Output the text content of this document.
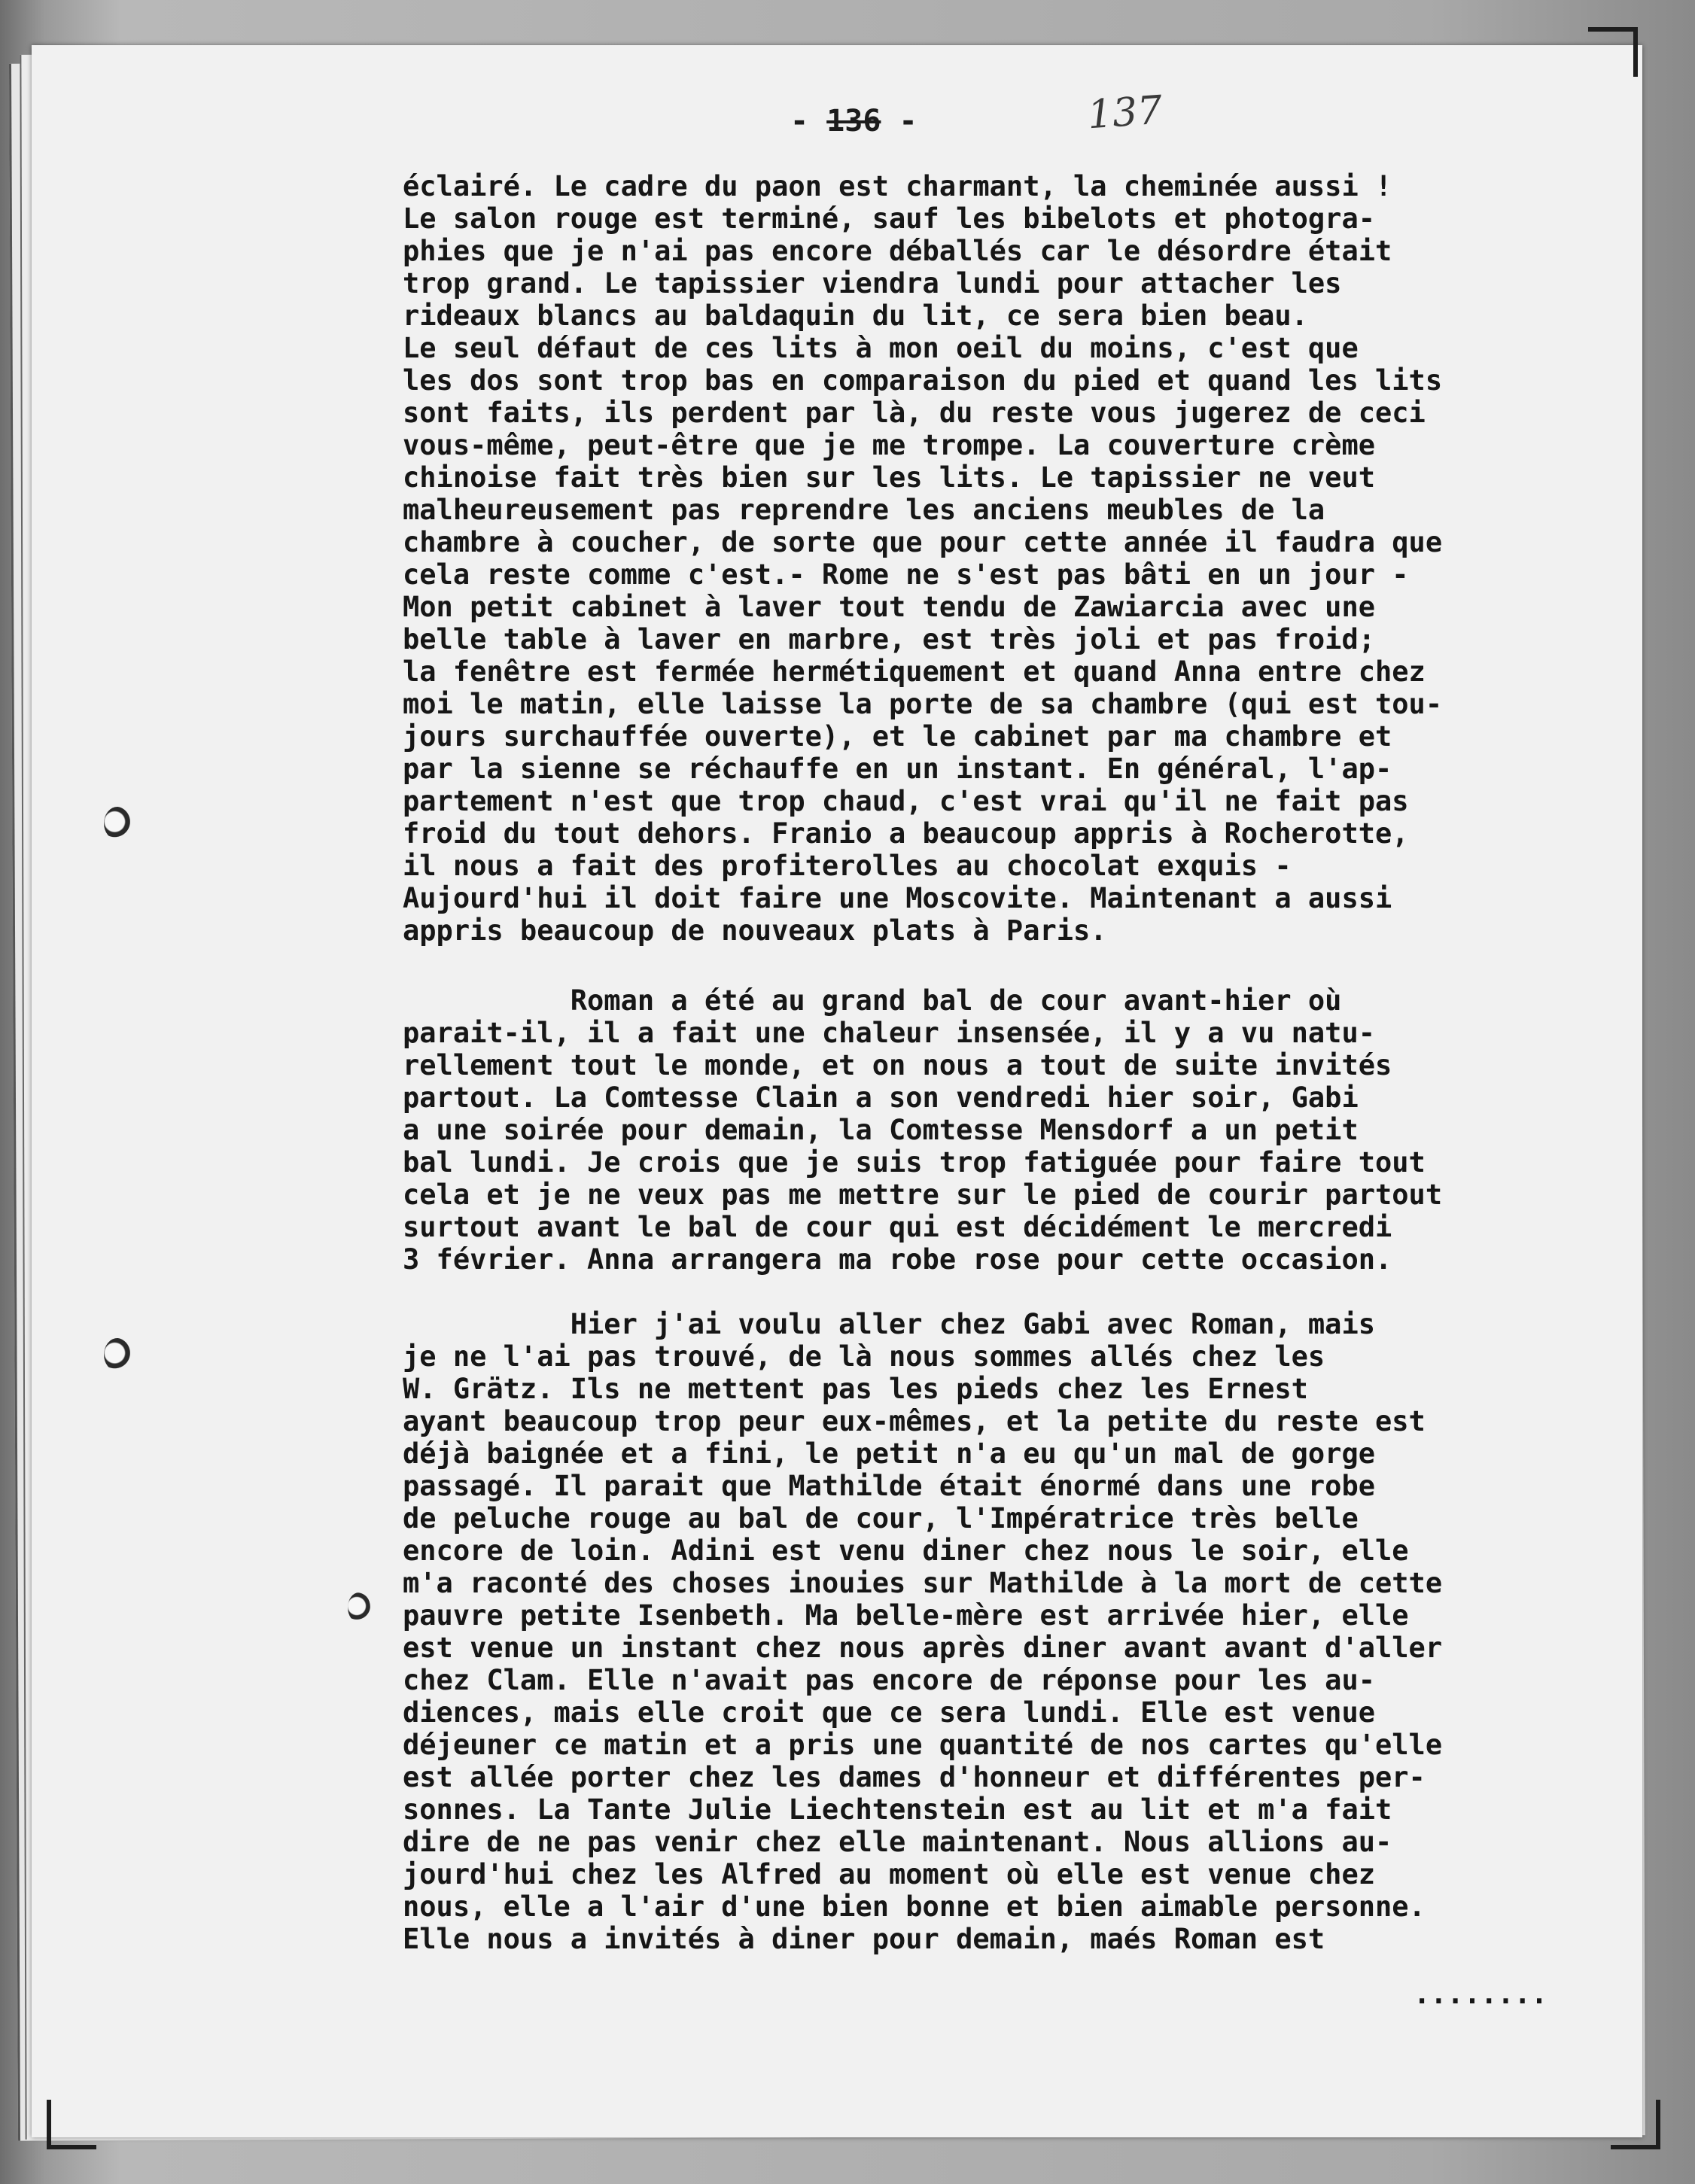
- 136 -	137
éclairé. Le cadre du paon est charmant, la cheminée aussi !
Le salon rouge est terminé, sauf les bibelots et photogra-
phies que je n'ai pas encore déballés car le désordre était
trop grand. Le tapissier viendra lundi pour attacher les
rideaux blancs au baldaquin du lit, ce sera bien beau.
Le seul défaut de ces lits à mon oeil du moins, c'est que
les dos sont trop bas en comparaison du pied et quand les lits
sont faits, ils perdent par là, du reste vous jugerez de ceci
vous-même, peut-être que je me trompe. La couverture crème
chinoise fait très bien sur les lits. Le tapissier ne veut
malheureusement pas reprendre les anciens meubles de la
chambre à coucher, de sorte que pour cette année il faudra que
cela reste comme c'est.- Rome ne s'est pas bâti en un jour -
Mon petit cabinet à laver tout tendu de Zawiarcia avec une
belle table à laver en marbre, est très joli et pas froid;
la fenêtre est fermée hermétiquement et quand Anna entre chez
moi le matin, elle laisse la porte de sa chambre (qui est tou-
jours surchauffée ouverte), et le cabinet par ma chambre et
par la sienne se réchauffe en un instant. En général, l'ap-
partement n'est que trop chaud, c'est vrai qu'il ne fait pas
froid du tout dehors. Franio a beaucoup appris à Rocherotte,
il nous a fait des profiterolles au chocolat exquis -
Aujourd'hui il doit faire une Moscovite. Maintenant a aussi
appris beaucoup de nouveaux plats à Paris.
Roman a été au grand bal de cour avant-hier où
parait-il, il a fait une chaleur insensée, il y a vu natu-
rellement tout le monde, et on nous a tout de suite invités
partout. La Comtesse Clain a son vendredi hier soir, Gabi
a une soirée pour demain, la Comtesse Mensdorf a un petit
bal lundi. Je crois que je suis trop fatiguée pour faire tout
cela et je ne veux pas me mettre sur le pied de courir partout
surtout avant le bal de cour qui est décidément le mercredi
3 février. Anna arrangera ma robe rose pour cette occasion.
Hier j'ai voulu aller chez Gabi avec Roman, mais
je ne l'ai pas trouvé, de là nous sommes allés chez les
W. Grätz. Ils ne mettent pas les pieds chez les Ernest
ayant beaucoup trop peur eux-mêmes, et la petite du reste est
déjà baignée et a fini, le petit n'a eu qu'un mal de gorge
passagé. Il parait que Mathilde était énormé dans une robe
de peluche rouge au bal de cour, l'Impératrice très belle
encore de loin. Adini est venu diner chez nous le soir, elle
m'a raconté des choses inouies sur Mathilde à la mort de cette
pauvre petite Isenbeth. Ma belle-mère est arrivée hier, elle
est venue un instant chez nous après diner avant avant d'aller
chez Clam. Elle n'avait pas encore de réponse pour les au-
diences, mais elle croit que ce sera lundi. Elle est venue
déjeuner ce matin et a pris une quantité de nos cartes qu'elle
est allée porter chez les dames d'honneur et différentes per-
sonnes. La Tante Julie Liechtenstein est au lit et m'a fait
dire de ne pas venir chez elle maintenant. Nous allions au-
jourd'hui chez les Alfred au moment où elle est venue chez
nous, elle a l'air d'une bien bonne et bien aimable personne.
Elle nous a invités à diner pour demain, maés Roman est
........
